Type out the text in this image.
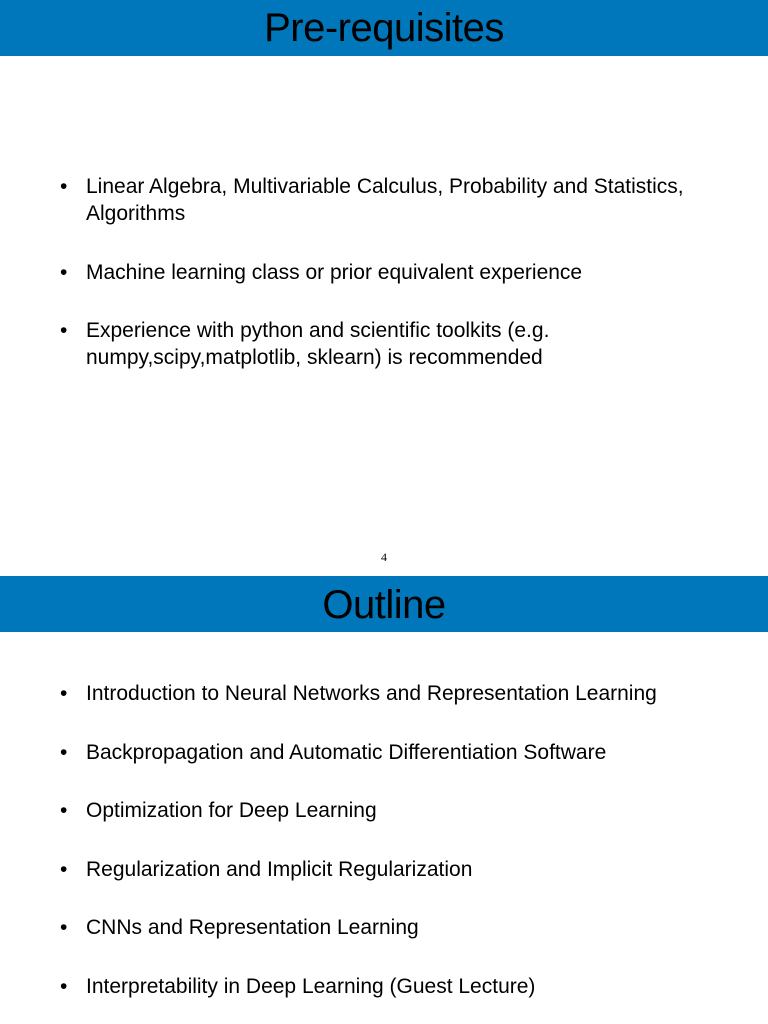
Pre-requisites
• Linear Algebra, Multivariable Calculus, Probability and Statistics, Algorithms
• Machine learning class or prior equivalent experience
• Experience with python and scientific toolkits (e.g. numpy,scipy,matplotlib, sklearn) is recommended
4
Outline
• Introduction to Neural Networks and Representation Learning
• Backpropagation and Automatic Differentiation Software
• Optimization for Deep Learning
• Regularization and Implicit Regularization
• CNNs and Representation Learning
• Interpretability in Deep Learning (Guest Lecture)
